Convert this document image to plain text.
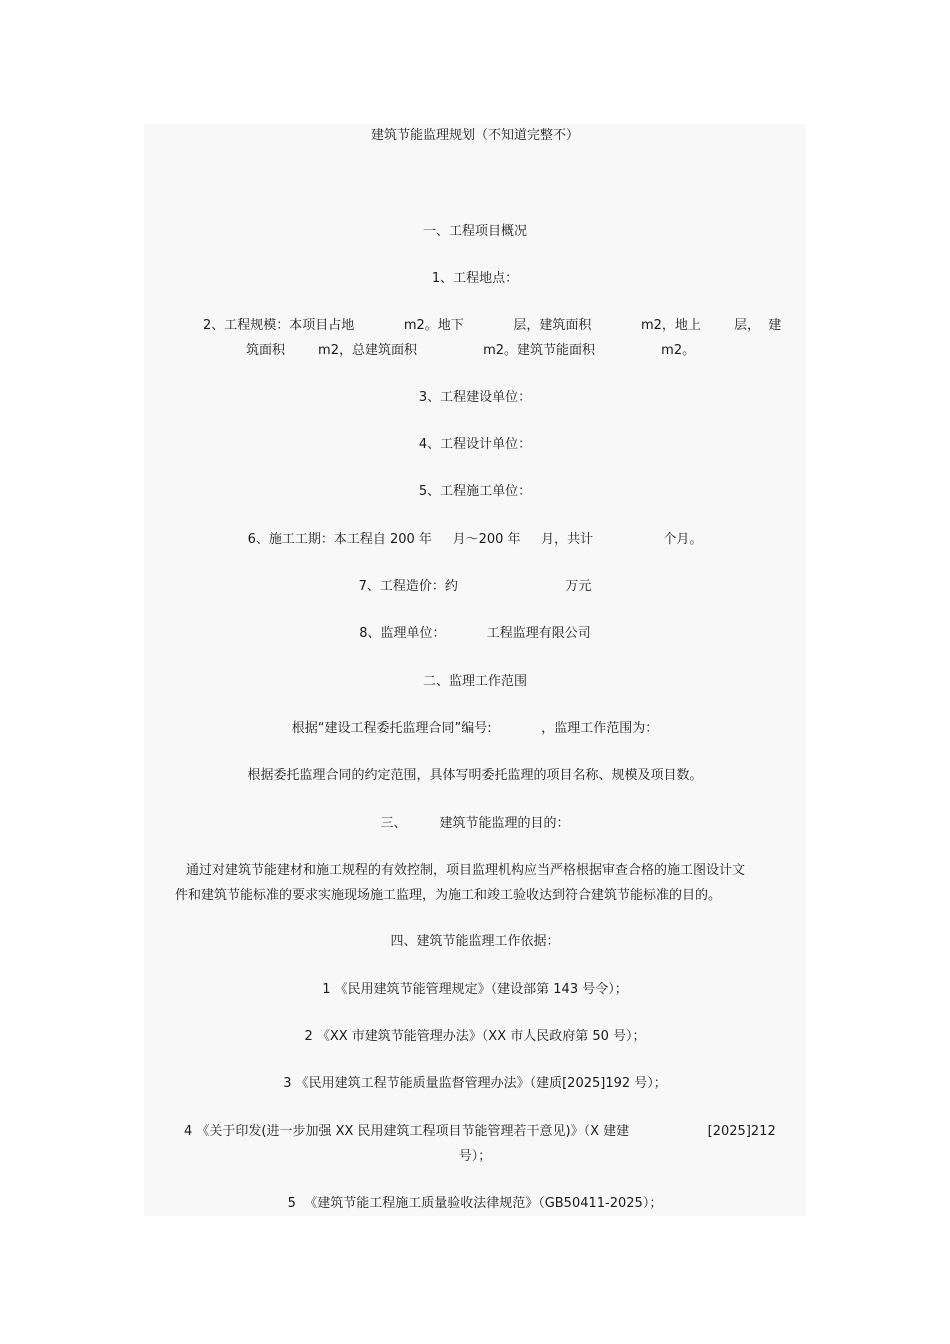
建筑节能监理规划（不知道完整不）

一、工程项目概况

1、工程地点：

2、工程规模：本项目占地            m2。地下            层，建筑面积            m2，地上        层，  建

筑面积        m2，总建筑面积                m2。建筑节能面积                m2。

3、工程建设单位：

4、工程设计单位：

5、工程施工单位：

6、施工工期：本工程自 200 年     月～200 年     月，共计                 个月。

7、工程造价：约                          万元

8、监理单位：          工程监理有限公司

二、监理工作范围

根据“建设工程委托监理合同”编号:            ，监理工作范围为：

根据委托监理合同的约定范围，具体写明委托监理的项目名称、规模及项目数。

三、        建筑节能监理的目的：

通过对建筑节能建材和施工规程的有效控制，项目监理机构应当严格根据审查合格的施工图设计文

件和建筑节能标准的要求实施现场施工监理，为施工和竣工验收达到符合建筑节能标准的目的。

四、建筑节能监理工作依据：

1 《民用建筑节能管理规定》（建设部第 143 号令）；

2 《XX 市建筑节能管理办法》（XX 市人民政府第 50 号）；

3 《民用建筑工程节能质量监督管理办法》（建质[2025]192 号）；

4 《关于印发(进一步加强 XX 民用建筑工程项目节能管理若干意见)》（X 建建                   [2025]212

号）；

5  《建筑节能工程施工质量验收法律规范》（GB50411-2025）；
